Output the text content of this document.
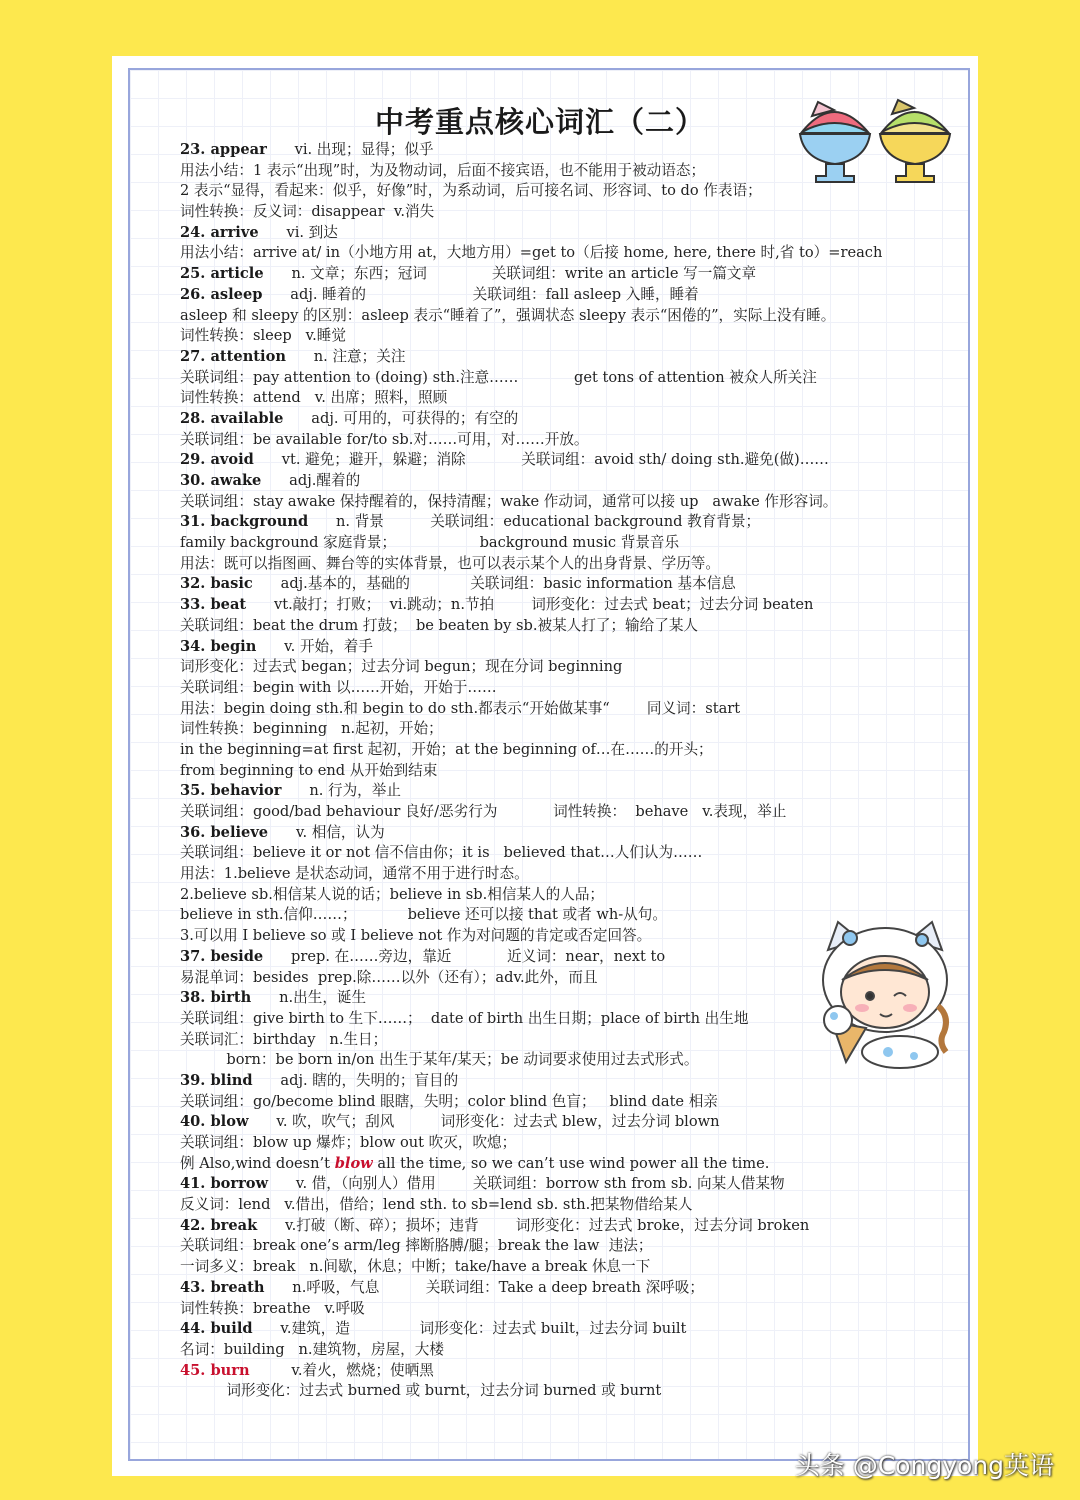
中考重点核心词汇（二）
23. appear      vi. 出现；显得；似乎
用法小结：1 表示“出现”时，为及物动词，后面不接宾语，也不能用于被动语态；
2 表示“显得，看起来：似乎，好像”时，为系动词，后可接名词、形容词、to do 作表语；
词性转换：反义词：disappear  v.消失
24. arrive      vi. 到达
用法小结：arrive at/ in（小地方用 at，大地方用）=get to（后接 home, here, there 时,省 to）=reach
25. article      n. 文章；东西；冠词              关联词组：write an article 写一篇文章
26. asleep      adj. 睡着的                       关联词组：fall asleep 入睡，睡着
asleep 和 sleepy 的区别：asleep 表示“睡着了”，强调状态 sleepy 表示“困倦的”，实际上没有睡。
词性转换：sleep   v.睡觉
27. attention      n. 注意；关注
关联词组：pay attention to (doing) sth.注意……            get tons of attention 被众人所关注
词性转换：attend   v. 出席；照料，照顾
28. available      adj. 可用的，可获得的；有空的
关联词组：be available for/to sb.对……可用，对……开放。
29. avoid      vt. 避免；避开，躲避；消除            关联词组：avoid sth/ doing sth.避免(做)……
30. awake      adj.醒着的
关联词组：stay awake 保持醒着的，保持清醒；wake 作动词，通常可以接 up   awake 作形容词。
31. background      n. 背景          关联词组：educational background 教育背景；
family background 家庭背景；                  background music 背景音乐
用法：既可以指图画、舞台等的实体背景，也可以表示某个人的出身背景、学历等。
32. basic      adj.基本的，基础的             关联词组：basic information 基本信息
33. beat      vt.敲打；打败；  vi.跳动；n.节拍        词形变化：过去式 beat；过去分词 beaten
关联词组：beat the drum 打鼓；  be beaten by sb.被某人打了；输给了某人
34. begin      v. 开始，着手
词形变化：过去式 began；过去分词 begun；现在分词 beginning
关联词组：begin with 以……开始，开始于……
用法：begin doing sth.和 begin to do sth.都表示“开始做某事“        同义词：start
词性转换：beginning   n.起初，开始；
in the beginning=at first 起初，开始；at the beginning of…在……的开头；
from beginning to end 从开始到结束
35. behavior      n. 行为，举止
关联词组：good/bad behaviour 良好/恶劣行为            词性转换：  behave   v.表现，举止
36. believe      v. 相信，认为
关联词组：believe it or not 信不信由你；it is   believed that…人们认为……
用法：1.believe 是状态动词，通常不用于进行时态。
2.believe sb.相信某人说的话；believe in sb.相信某人的人品；
believe in sth.信仰……；           believe 还可以接 that 或者 wh-从句。
3.可以用 I believe so 或 I believe not 作为对问题的肯定或否定回答。
37. beside      prep. 在……旁边，靠近            近义词：near，next to
易混单词：besides  prep.除……以外（还有）；adv.此外，而且
38. birth      n.出生，诞生
关联词组：give birth to 生下……；  date of birth 出生日期；place of birth 出生地
关联词汇：birthday   n.生日；
born：be born in/on 出生于某年/某天；be 动词要求使用过去式形式。
39. blind      adj. 瞎的，失明的；盲目的
关联词组：go/become blind 眼瞎，失明；color blind 色盲；   blind date 相亲
40. blow      v. 吹，吹气；刮风          词形变化：过去式 blew，过去分词 blown
关联词组：blow up 爆炸；blow out 吹灭，吹熄；
例 Also,wind doesn’t blow all the time, so we can’t use wind power all the time.
41. borrow      v. 借，（向别人）借用        关联词组：borrow sth from sb. 向某人借某物
反义词：lend   v.借出，借给；lend sth. to sb=lend sb. sth.把某物借给某人
42. break      v.打破（断、碎）；损坏；违背        词形变化：过去式 broke，过去分词 broken
关联词组：break one’s arm/leg 摔断胳膊/腿；break the law  违法；
一词多义：break   n.间歇，休息；中断；take/have a break 休息一下
43. breath      n.呼吸，气息          关联词组：Take a deep breath 深呼吸；
词性转换：breathe   v.呼吸
44. build      v.建筑，造               词形变化：过去式 built，过去分词 built
名词：building   n.建筑物，房屋，大楼
45. burn         v.着火，燃烧；使晒黑
词形变化：过去式 burned 或 burnt，过去分词 burned 或 burnt
头条 @Congyong英语
